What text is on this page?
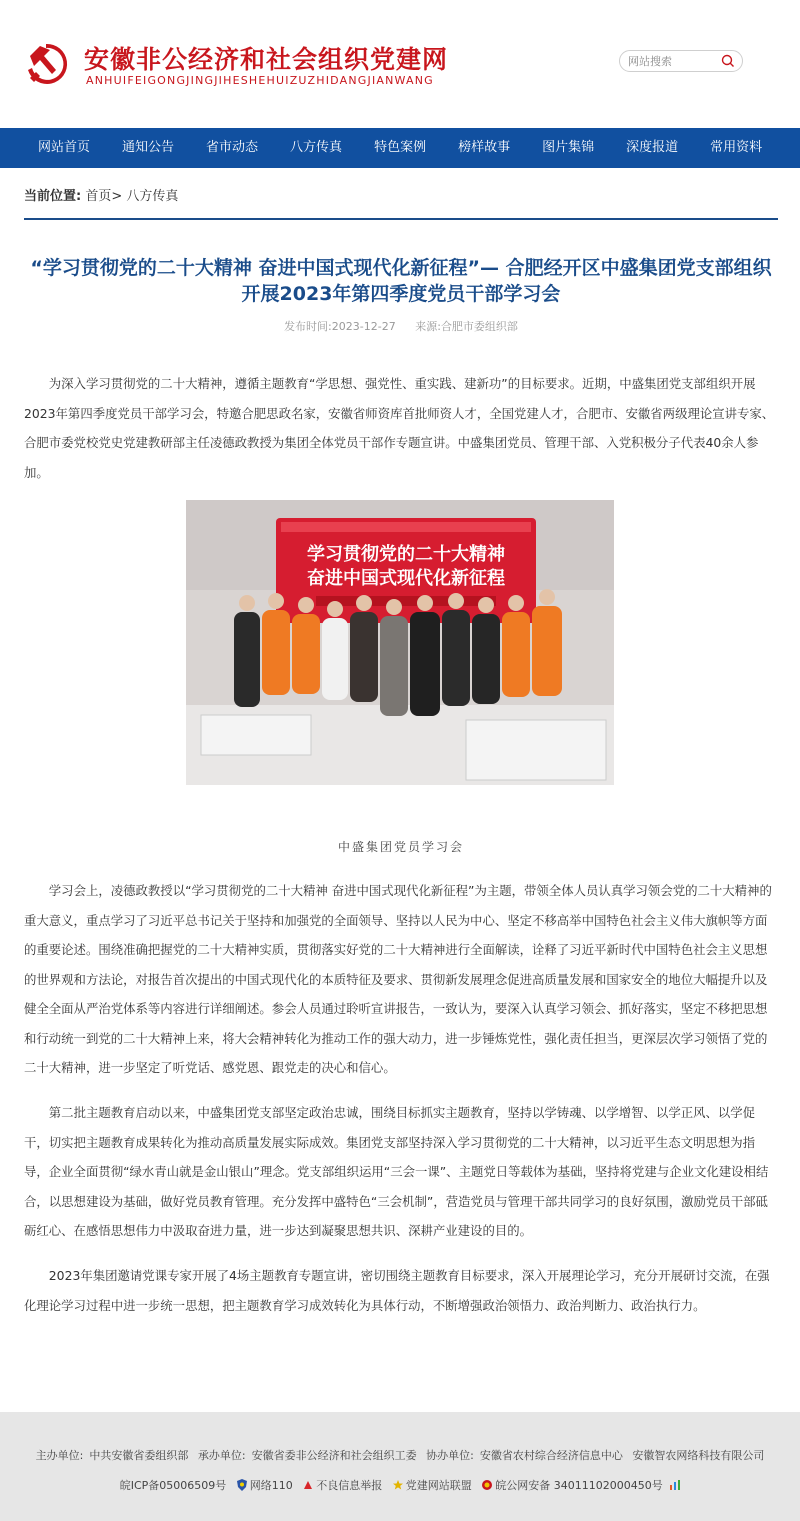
安徽非公经济和社会组织党建网
ANHUIFEIGONGJINGJIHESHEHUIZUZHIDANGJIANWANG
网站搜索
网站首页	通知公告	省市动态	八方传真	特色案例	榜样故事	图片集锦	深度报道	常用资料
当前位置: 首页> 八方传真
“学习贯彻党的二十大精神 奋进中国式现代化新征程”— 合肥经开区中盛集团党支部组织开展2023年第四季度党员干部学习会
发布时间:2023-12-27 来源:合肥市委组织部

为深入学习贯彻党的二十大精神，遵循主题教育“学思想、强党性、重实践、建新功”的目标要求。近期，中盛集团党支部组织开展2023年第四季度党员干部学习会，特邀合肥思政名家，安徽省师资库首批师资人才，全国党建人才，合肥市、安徽省两级理论宣讲专家、合肥市委党校党史党建教研部主任凌德政教授为集团全体党员干部作专题宣讲。中盛集团党员、管理干部、入党积极分子代表40余人参加。

学习贯彻党的二十大精神
奋进中国式现代化新征程
中盛集团党员学习会

学习会上，凌德政教授以“学习贯彻党的二十大精神 奋进中国式现代化新征程”为主题，带领全体人员认真学习领会党的二十大精神的重大意义，重点学习了习近平总书记关于坚持和加强党的全面领导、坚持以人民为中心、坚定不移高举中国特色社会主义伟大旗帜等方面的重要论述。围绕准确把握党的二十大精神实质，贯彻落实好党的二十大精神进行全面解读，诠释了习近平新时代中国特色社会主义思想的世界观和方法论，对报告首次提出的中国式现代化的本质特征及要求、贯彻新发展理念促进高质量发展和国家安全的地位大幅提升以及健全全面从严治党体系等内容进行详细阐述。参会人员通过聆听宣讲报告，一致认为，要深入认真学习领会、抓好落实，坚定不移把思想和行动统一到党的二十大精神上来，将大会精神转化为推动工作的强大动力，进一步锤炼党性，强化责任担当，更深层次学习领悟了党的二十大精神，进一步坚定了听党话、感党恩、跟党走的决心和信心。

第二批主题教育启动以来，中盛集团党支部坚定政治忠诚，围绕目标抓实主题教育，坚持以学铸魂、以学增智、以学正风、以学促干，切实把主题教育成果转化为推动高质量发展实际成效。集团党支部坚持深入学习贯彻党的二十大精神，以习近平生态文明思想为指导，企业全面贯彻“绿水青山就是金山银山”理念。党支部组织运用“三会一课”、主题党日等载体为基础，坚持将党建与企业文化建设相结合，以思想建设为基础，做好党员教育管理。充分发挥中盛特色“三会机制”，营造党员与管理干部共同学习的良好氛围，激励党员干部砥砺红心、在感悟思想伟力中汲取奋进力量，进一步达到凝聚思想共识、深耕产业建设的目的。

2023年集团邀请党课专家开展了4场主题教育专题宣讲，密切围绕主题教育目标要求，深入开展理论学习，充分开展研讨交流，在强化理论学习过程中进一步统一思想，把主题教育学习成效转化为具体行动，不断增强政治领悟力、政治判断力、政治执行力。

主办单位: 中共安徽省委组织部 承办单位: 安徽省委非公经济和社会组织工委 协办单位: 安徽省农村综合经济信息中心 安徽智农网络科技有限公司
皖ICP备05006509号 网络110 不良信息举报 党建网站联盟 皖公网安备 34011102000450号
